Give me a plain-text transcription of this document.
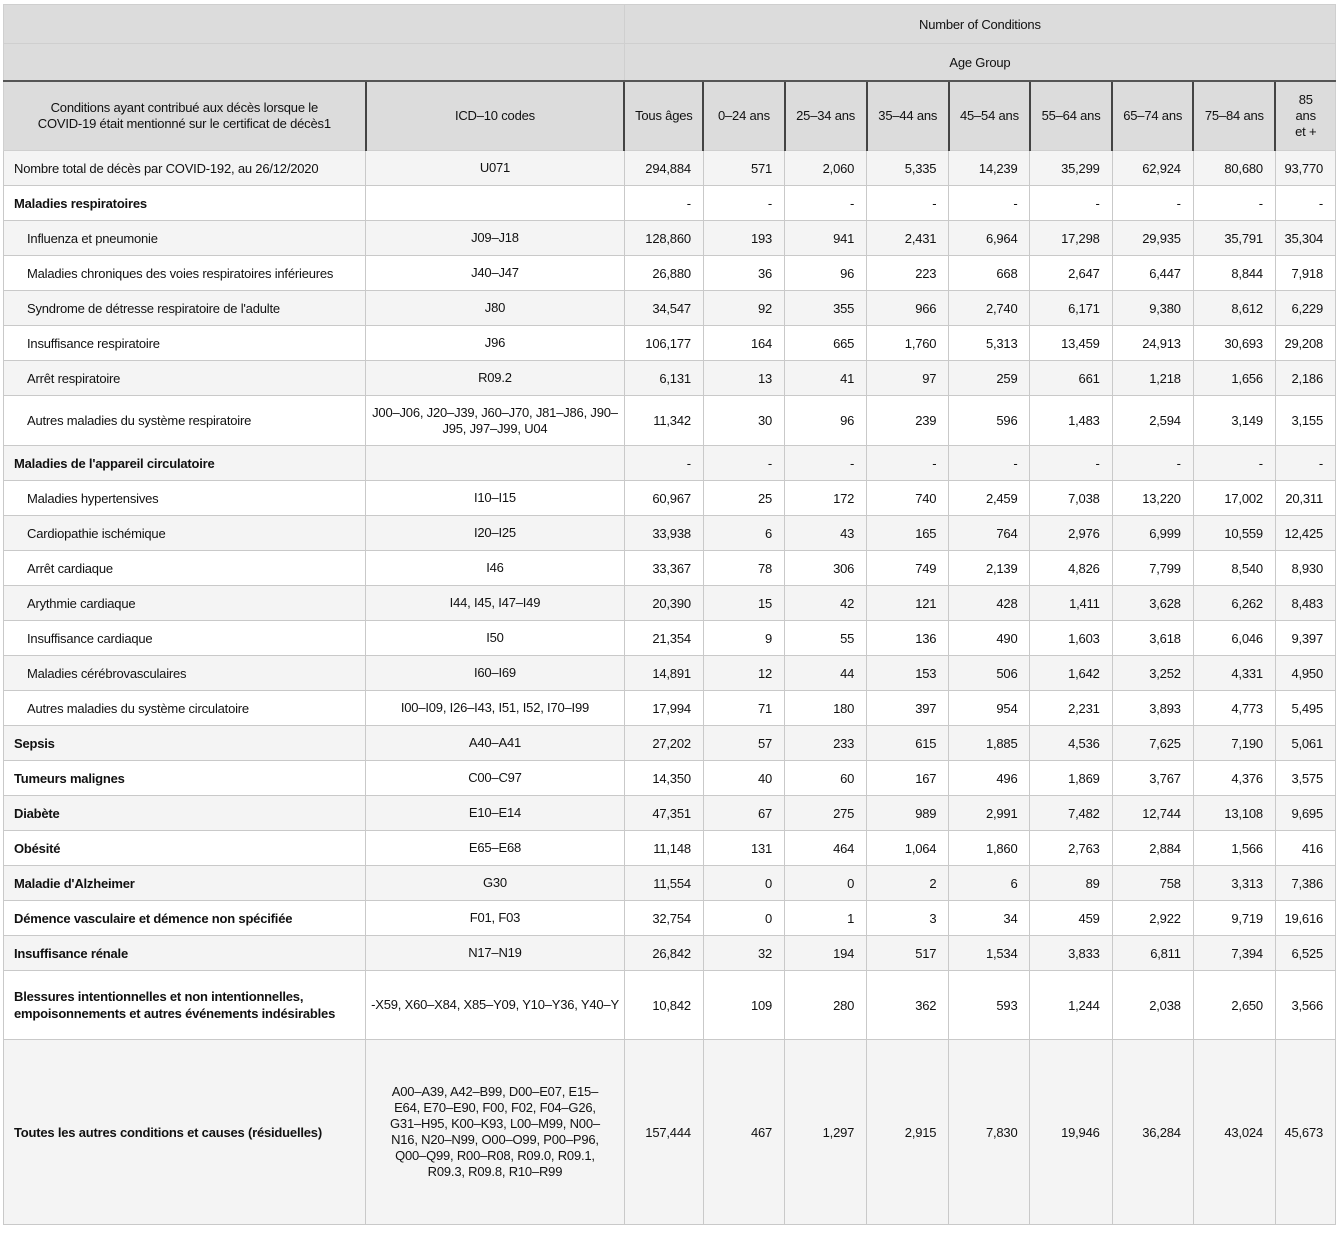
		Number of Conditions								
		Age Group								
Conditions ayant contribué aux décès lorsque le COVID-19 était mentionné sur le certificat de décès1	ICD–10 codes	Tous âges	0–24 ans	25–34 ans	35–44 ans	45–54 ans	55–64 ans	65–74 ans	75–84 ans	85 ans et +
Nombre total de décès par COVID-192, au 26/12/2020	U071	294,884	571	2,060	5,335	14,239	35,299	62,924	80,680	93,770
Maladies respiratoires		-	-	-	-	-	-	-	-	-
Influenza et pneumonie	J09–J18	128,860	193	941	2,431	6,964	17,298	29,935	35,791	35,304
Maladies chroniques des voies respiratoires inférieures	J40–J47	26,880	36	96	223	668	2,647	6,447	8,844	7,918
Syndrome de détresse respiratoire de l'adulte	J80	34,547	92	355	966	2,740	6,171	9,380	8,612	6,229
Insuffisance respiratoire	J96	106,177	164	665	1,760	5,313	13,459	24,913	30,693	29,208
Arrêt respiratoire	R09.2	6,131	13	41	97	259	661	1,218	1,656	2,186
Autres maladies du système respiratoire	J00–J06, J20–J39, J60–J70, J81–J86, J90–J95, J97–J99, U04	11,342	30	96	239	596	1,483	2,594	3,149	3,155
Maladies de l'appareil circulatoire		-	-	-	-	-	-	-	-	-
Maladies hypertensives	I10–I15	60,967	25	172	740	2,459	7,038	13,220	17,002	20,311
Cardiopathie ischémique	I20–I25	33,938	6	43	165	764	2,976	6,999	10,559	12,425
Arrêt cardiaque	I46	33,367	78	306	749	2,139	4,826	7,799	8,540	8,930
Arythmie cardiaque	I44, I45, I47–I49	20,390	15	42	121	428	1,411	3,628	6,262	8,483
Insuffisance cardiaque	I50	21,354	9	55	136	490	1,603	3,618	6,046	9,397
Maladies cérébrovasculaires	I60–I69	14,891	12	44	153	506	1,642	3,252	4,331	4,950
Autres maladies du système circulatoire	I00–I09, I26–I43, I51, I52, I70–I99	17,994	71	180	397	954	2,231	3,893	4,773	5,495
Sepsis	A40–A41	27,202	57	233	615	1,885	4,536	7,625	7,190	5,061
Tumeurs malignes	C00–C97	14,350	40	60	167	496	1,869	3,767	4,376	3,575
Diabète	E10–E14	47,351	67	275	989	2,991	7,482	12,744	13,108	9,695
Obésité	E65–E68	11,148	131	464	1,064	1,860	2,763	2,884	1,566	416
Maladie d'Alzheimer	G30	11,554	0	0	2	6	89	758	3,313	7,386
Démence vasculaire et démence non spécifiée	F01, F03	32,754	0	1	3	34	459	2,922	9,719	19,616
Insuffisance rénale	N17–N19	26,842	32	194	517	1,534	3,833	6,811	7,394	6,525
Blessures intentionnelles et non intentionnelles, empoisonnements et autres événements indésirables	-X59, X60–X84, X85–Y09, Y10–Y36, Y40–Y	10,842	109	280	362	593	1,244	2,038	2,650	3,566
Toutes les autres conditions et causes (résiduelles)	A00–A39, A42–B99, D00–E07, E15–E64, E70–E90, F00, F02, F04–G26, G31–H95, K00–K93, L00–M99, N00–N16, N20–N99, O00–O99, P00–P96, Q00–Q99, R00–R08, R09.0, R09.1, R09.3, R09.8, R10–R99	157,444	467	1,297	2,915	7,830	19,946	36,284	43,024	45,673
